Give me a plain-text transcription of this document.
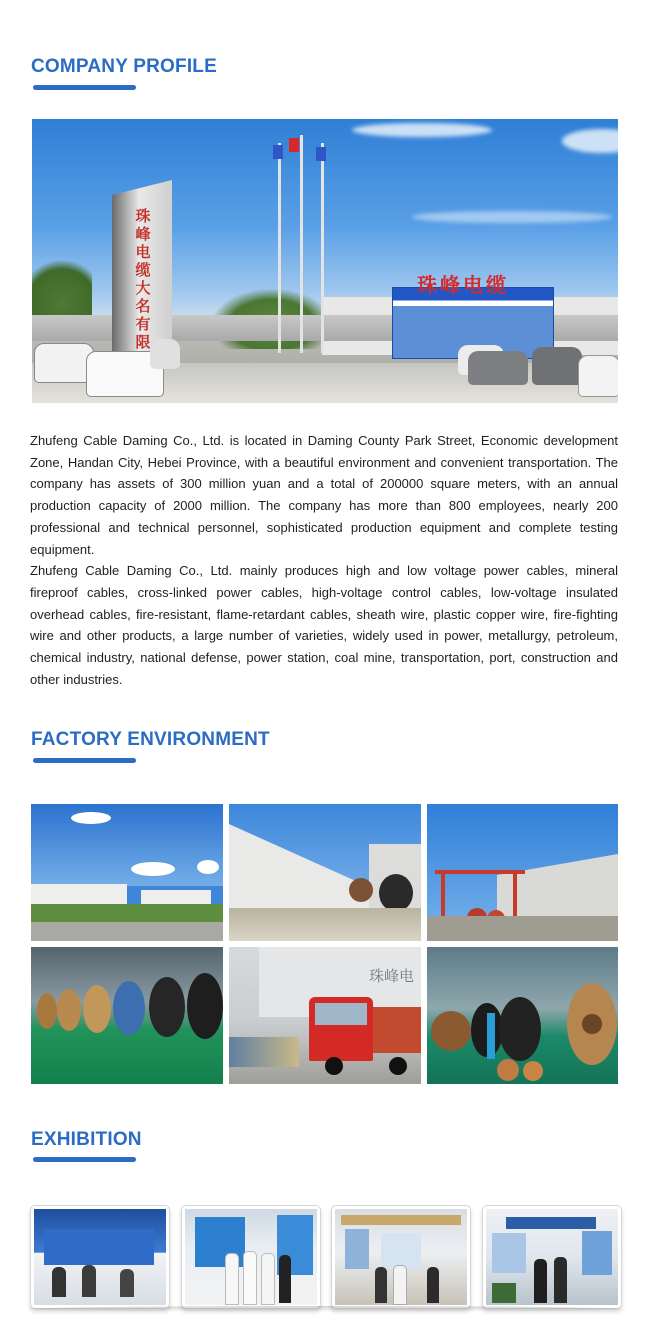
COMPANY PROFILE
珠峰电缆大名有限
珠峰电缆

Zhufeng Cable Daming Co., Ltd. is located in Daming County Park Street, Economic development Zone, Handan City, Hebei Province, with a beautiful environment and convenient transportation. The company has assets of 300 million yuan and a total of 200000 square meters, with an annual production capacity of 2000 million. The company has more than 800 employees, nearly 200 professional and technical personnel, sophisticated production equipment and complete testing equipment.

Zhufeng Cable Daming Co., Ltd. mainly produces high and low voltage power cables, mineral fireproof cables, cross-linked power cables, high-voltage control cables, low-voltage insulated overhead cables, fire-resistant, flame-retardant cables, sheath wire, plastic copper wire, fire-fighting wire and other products, a large number of varieties, widely used in power, metallurgy, petroleum, chemical industry, national defense, power station, coal mine, transportation, port, construction and other industries.

FACTORY ENVIRONMENT
珠峰电
EXHIBITION
